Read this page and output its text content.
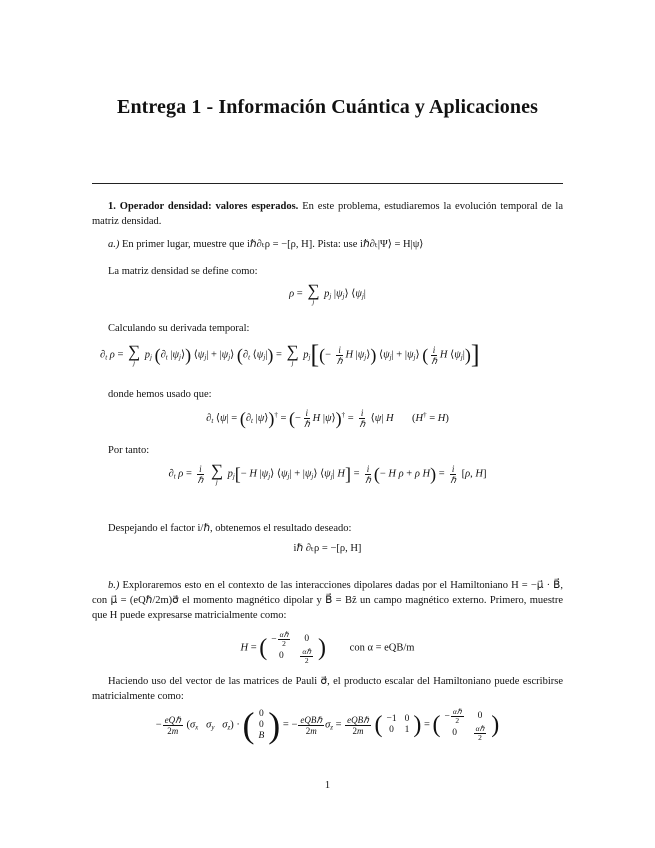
Entrega 1 - Información Cuántica y Aplicaciones
1. Operador densidad: valores esperados. En este problema, estudiaremos la evolución temporal de la matriz densidad.
a.) En primer lugar, muestre que iℏ∂ₜρ = −[ρ, H]. Pista: use iℏ∂ₜ|Ψ⟩ = H|ψ⟩
La matriz densidad se define como:
ρ = ∑
j
$p_j$ $|\psi_j⟩$ $⟨\psi_j|$
Calculando su derivada temporal:
$\partial_t$ ρ = ∑
j
$p_j$ ($\partial_t$ $|\psi_j⟩$) $⟨\psi_j|$ + $|\psi_j⟩$ ($\partial_t$ $⟨\psi_j|$) = ∑
j
$p_j[(- \frac{i}{\text{ℏ}}$ H $|\psi_j⟩$) $⟨\psi_j|$ + $|\psi_j⟩$ ( $\frac{i}{\text{ℏ}}$ H $⟨\psi_j|$)]
donde hemos usado que:
$\partial_t$ ⟨ψ| = ($\partial_t$ |ψ⟩)† = (− $\frac{i}{\text{ℏ}}$ H |ψ⟩)† = $\frac{i}{\text{ℏ}}$ ⟨ψ| H       (H† = H)
Por tanto:
$\partial_t$ $\rho = \frac{i}{\text{ℏ}}$
∑
j
$p_j[- H$ $|\psi_j⟩$ $⟨\psi_j|$ + $|\psi_j⟩$ $⟨\psi_j|$ $H] = \frac{i}{\text{ℏ}}$ (− H ρ + ρ $H) = \frac{i}{\text{ℏ}} [\rho$, H]
Despejando el factor i/ℏ, obtenemos el resultado deseado:
iℏ ∂ₜρ = −[ρ, H]
b.) Exploraremos esto en el contexto de las interacciones dipolares dadas por el Hamiltoniano H = −μ⃗ · B⃗, con μ⃗ = (eQℏ/2m)σ⃗ el momento magnético dipolar y B⃗ = Bẑ un campo magnético externo. Primero, muestre que H puede expresarse matricialmente como:
H = ( − $\frac{\text{αℏ}}{2}$	0
0	$\frac{\text{αℏ}}{2}$ ) con α = eQB/m
Haciendo uso del vector de las matrices de Pauli σ⃗, el producto escalar del Hamiltoniano puede escribirse matricialmente como:
− $\frac{\text{eQℏ}}{2m} (\sigma_x$ $\sigma_y$ $\sigma_z$) · ( 0
0
B ) = − $\frac{\text{eQBℏ}}{2m} \sigma_z = \frac{\text{eQBℏ}}{2m}$
( −1	0
0	1 ) = ( − $\frac{\text{αℏ}}{2}$	0
0	$\frac{\text{αℏ}}{2}$ )
1
